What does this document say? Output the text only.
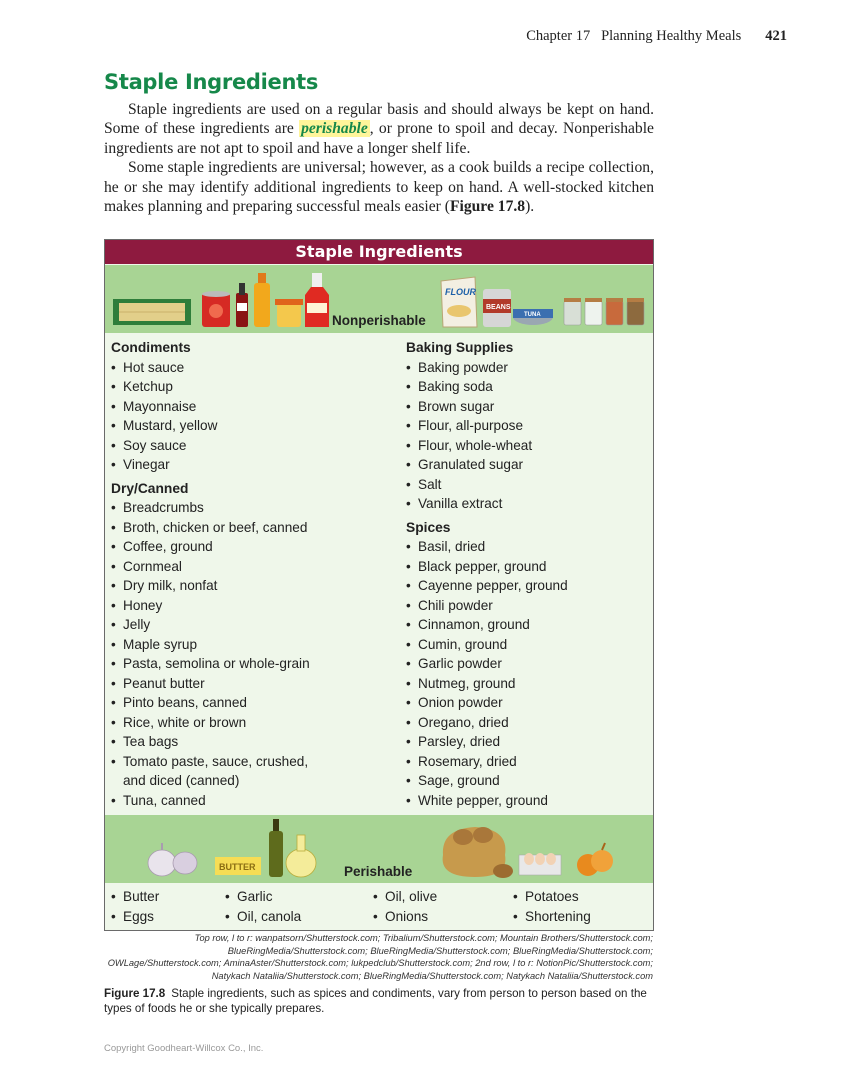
Chapter 17 Planning Healthy Meals 421
Staple Ingredients

Staple ingredients are used on a regular basis and should always be kept on hand. Some of these ingredients are perishable , or prone to spoil and decay. Nonperishable ingredients are not apt to spoil and have a longer shelf life.

Some staple ingredients are universal; however, as a cook builds a recipe collection, he or she may identify additional ingredients to keep on hand. A well-stocked kitchen makes planning and preparing successful meals easier (Figure 17.8).

Staple Ingredients
FLOUR
BEANS
TUNA
Nonperishable
Condiments
• Hot sauce
• Ketchup
• Mayonnaise
• Mustard, yellow
• Soy sauce
• Vinegar
Dry/Canned
• Breadcrumbs
• Broth, chicken or beef, canned
• Coffee, ground
• Cornmeal
• Dry milk, nonfat
• Honey
• Jelly
• Maple syrup
• Pasta, semolina or whole-grain
• Peanut butter
• Pinto beans, canned
• Rice, white or brown
• Tea bags
• Tomato paste, sauce, crushed, and diced (canned)
• Tuna, canned
Baking Supplies
• Baking powder
• Baking soda
• Brown sugar
• Flour, all-purpose
• Flour, whole-wheat
• Granulated sugar
• Salt
• Vanilla extract
Spices
• Basil, dried
• Black pepper, ground
• Cayenne pepper, ground
• Chili powder
• Cinnamon, ground
• Cumin, ground
• Garlic powder
• Nutmeg, ground
• Onion powder
• Oregano, dried
• Parsley, dried
• Rosemary, dried
• Sage, ground
• White pepper, ground
BUTTER	Perishable
• Butter
• Eggs
• Garlic
• Oil, canola
• Oil, olive
• Onions
• Potatoes
• Shortening
Top row, l to r: wanpatsorn/Shutterstock.com; Tribalium/Shutterstock.com; Mountain Brothers/Shutterstock.com;
BlueRingMedia/Shutterstock.com; BlueRingMedia/Shutterstock.com; BlueRingMedia/Shutterstock.com;
OWLage/Shutterstock.com; AminaAster/Shutterstock.com; lukpedclub/Shutterstock.com; 2nd row, l to r: NotionPic/Shutterstock.com;
Natykach Nataliia/Shutterstock.com; BlueRingMedia/Shutterstock.com; Natykach Nataliia/Shutterstock.com
Figure 17.8 Staple ingredients, such as spices and condiments, vary from person to person based on the types of foods he or she typically prepares.
Copyright Goodheart-Willcox Co., Inc.
